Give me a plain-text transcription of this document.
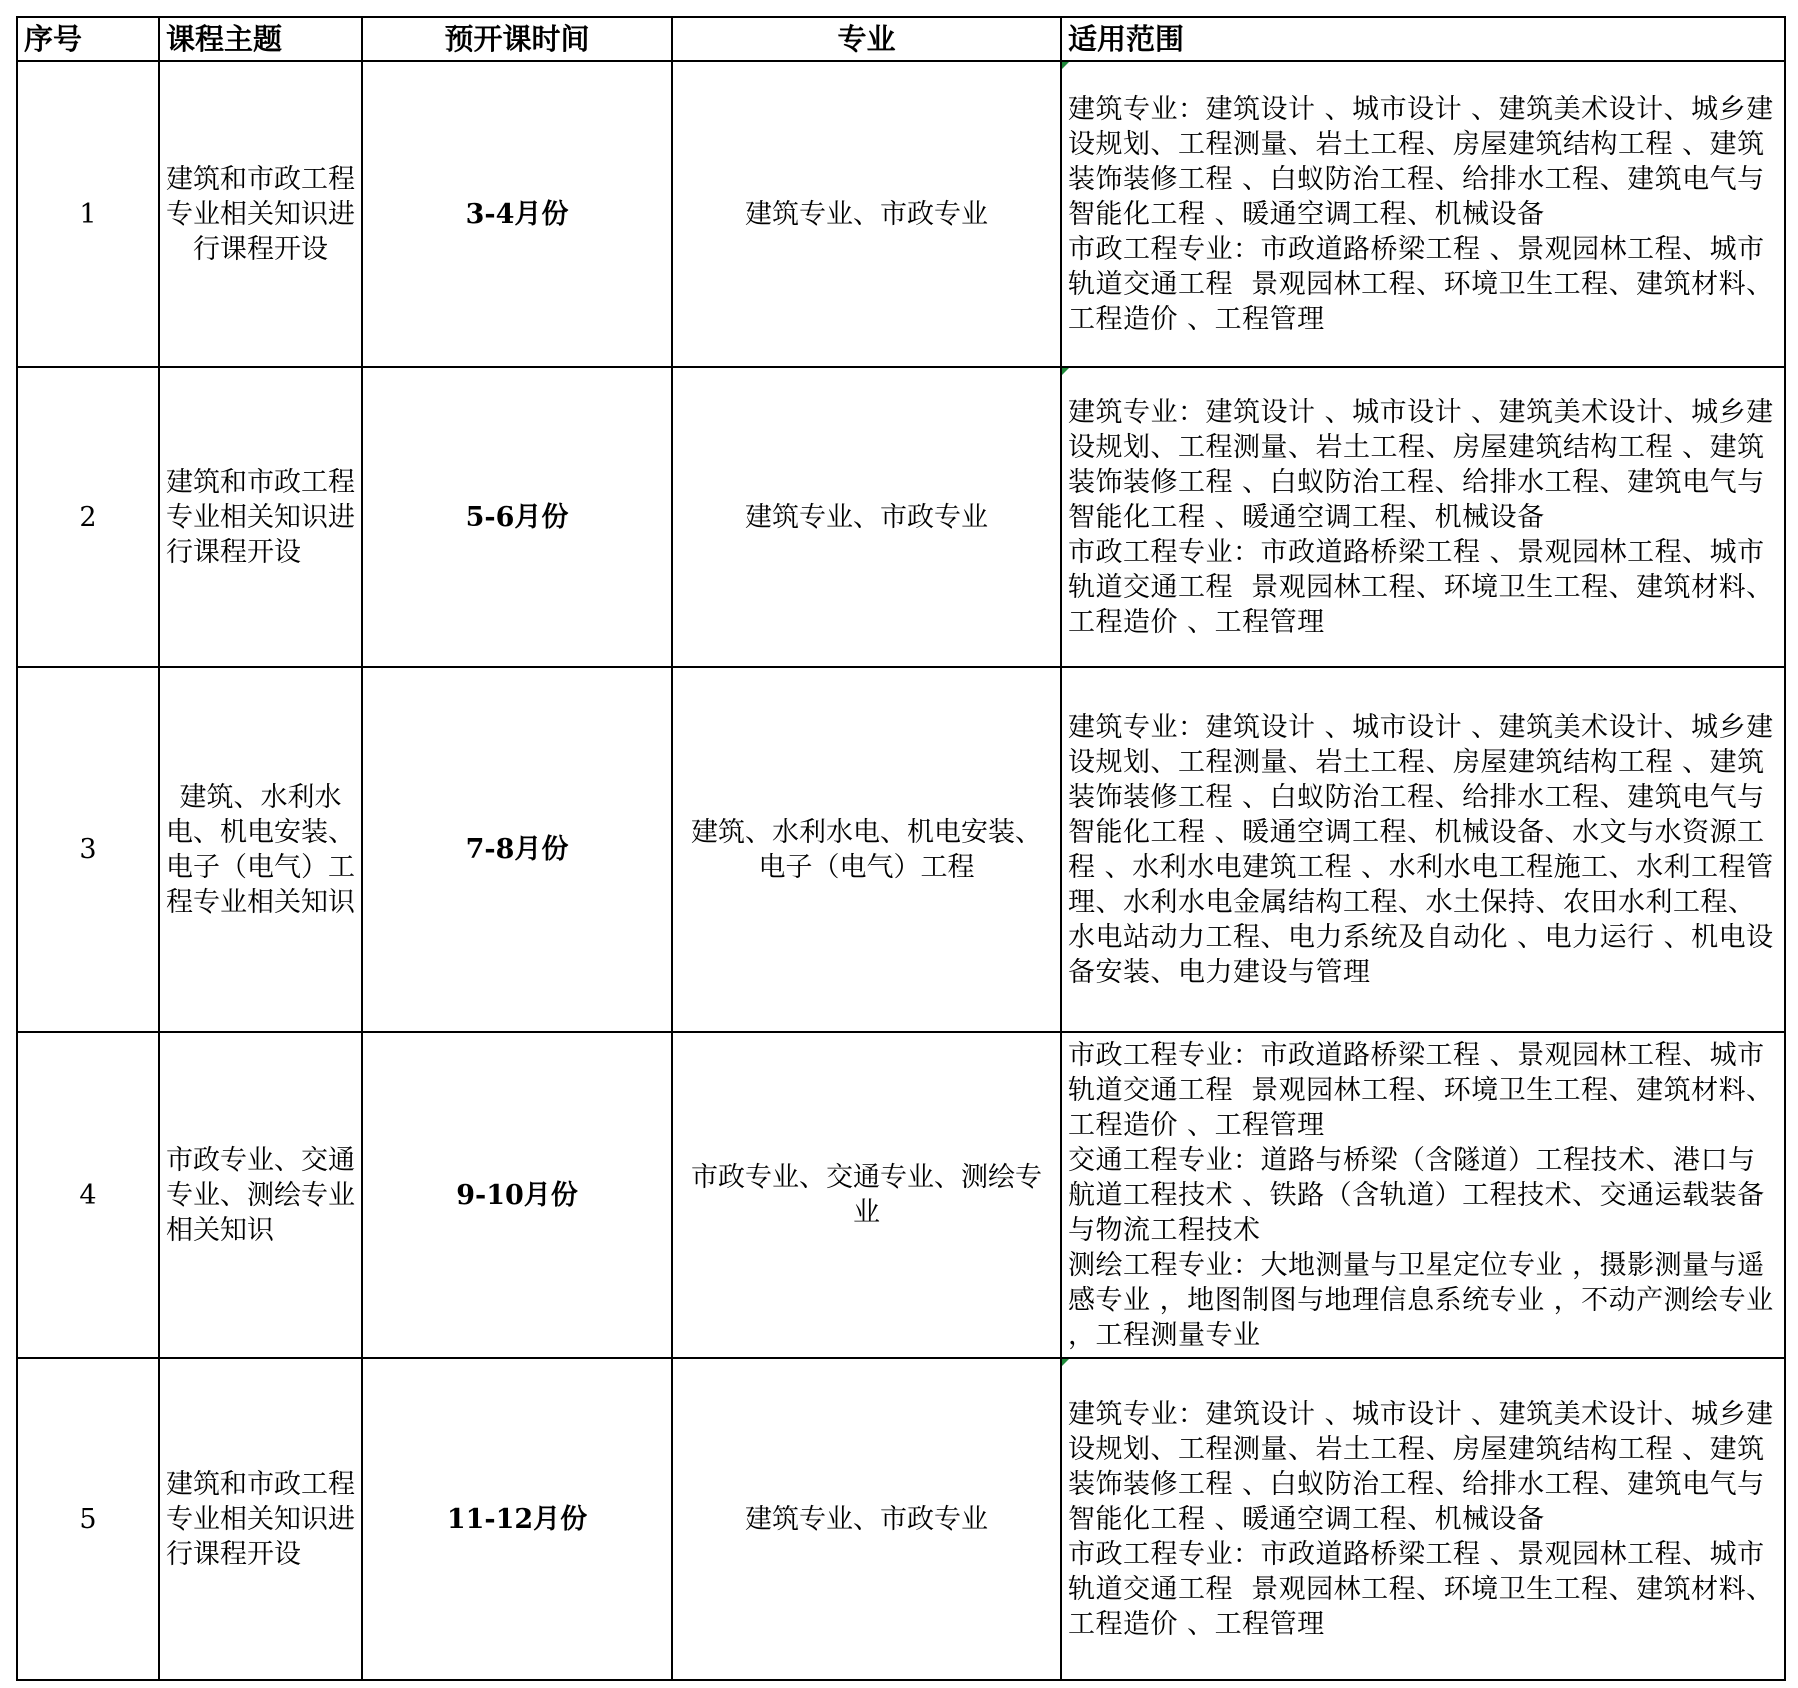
序号	课程主题	预开课时间	专业	适用范围
1	建筑和市政工程专业相关知识进行课程开设	3-4月份	建筑专业、市政专业	建筑专业：建筑设计 、城市设计 、建筑美术设计、城乡建设规划、工程测量、岩土工程、房屋建筑结构工程 、建筑装饰装修工程 、白蚁防治工程、给排水工程、建筑电气与智能化工程 、暖通空调工程、机械设备
市政工程专业：市政道路桥梁工程 、景观园林工程、城市轨道交通工程  景观园林工程、环境卫生工程、建筑材料、工程造价 、工程管理

2	建筑和市政工程专业相关知识进行课程开设	5-6月份	建筑专业、市政专业	建筑专业：建筑设计 、城市设计 、建筑美术设计、城乡建设规划、工程测量、岩土工程、房屋建筑结构工程 、建筑装饰装修工程 、白蚁防治工程、给排水工程、建筑电气与智能化工程 、暖通空调工程、机械设备
市政工程专业：市政道路桥梁工程 、景观园林工程、城市轨道交通工程  景观园林工程、环境卫生工程、建筑材料、工程造价 、工程管理

3	建筑、水利水电、机电安装、电子（电气）工程专业相关知识	7-8月份	建筑、水利水电、机电安装、电子（电气）工程	建筑专业：建筑设计 、城市设计 、建筑美术设计、城乡建设规划、工程测量、岩土工程、房屋建筑结构工程 、建筑装饰装修工程 、白蚁防治工程、给排水工程、建筑电气与智能化工程 、暖通空调工程、机械设备、水文与水资源工程 、水利水电建筑工程 、水利水电工程施工、水利工程管理、水利水电金属结构工程、水土保持、农田水利工程、水电站动力工程、电力系统及自动化 、电力运行 、机电设备安装、电力建设与管理

4	市政专业、交通专业、测绘专业相关知识	9-10月份	市政专业、交通专业、测绘专业	市政工程专业：市政道路桥梁工程 、景观园林工程、城市轨道交通工程  景观园林工程、环境卫生工程、建筑材料、工程造价 、工程管理
交通工程专业：道路与桥梁（含隧道）工程技术、港口与航道工程技术 、铁路（含轨道）工程技术、交通运载装备与物流工程技术
测绘工程专业：大地测量与卫星定位专业 ，摄影测量与遥感专业 ，地图制图与地理信息系统专业 ，不动产测绘专业 ，工程测量专业

5	建筑和市政工程专业相关知识进行课程开设	11-12月份	建筑专业、市政专业	建筑专业：建筑设计 、城市设计 、建筑美术设计、城乡建设规划、工程测量、岩土工程、房屋建筑结构工程 、建筑装饰装修工程 、白蚁防治工程、给排水工程、建筑电气与智能化工程 、暖通空调工程、机械设备
市政工程专业：市政道路桥梁工程 、景观园林工程、城市轨道交通工程  景观园林工程、环境卫生工程、建筑材料、工程造价 、工程管理
